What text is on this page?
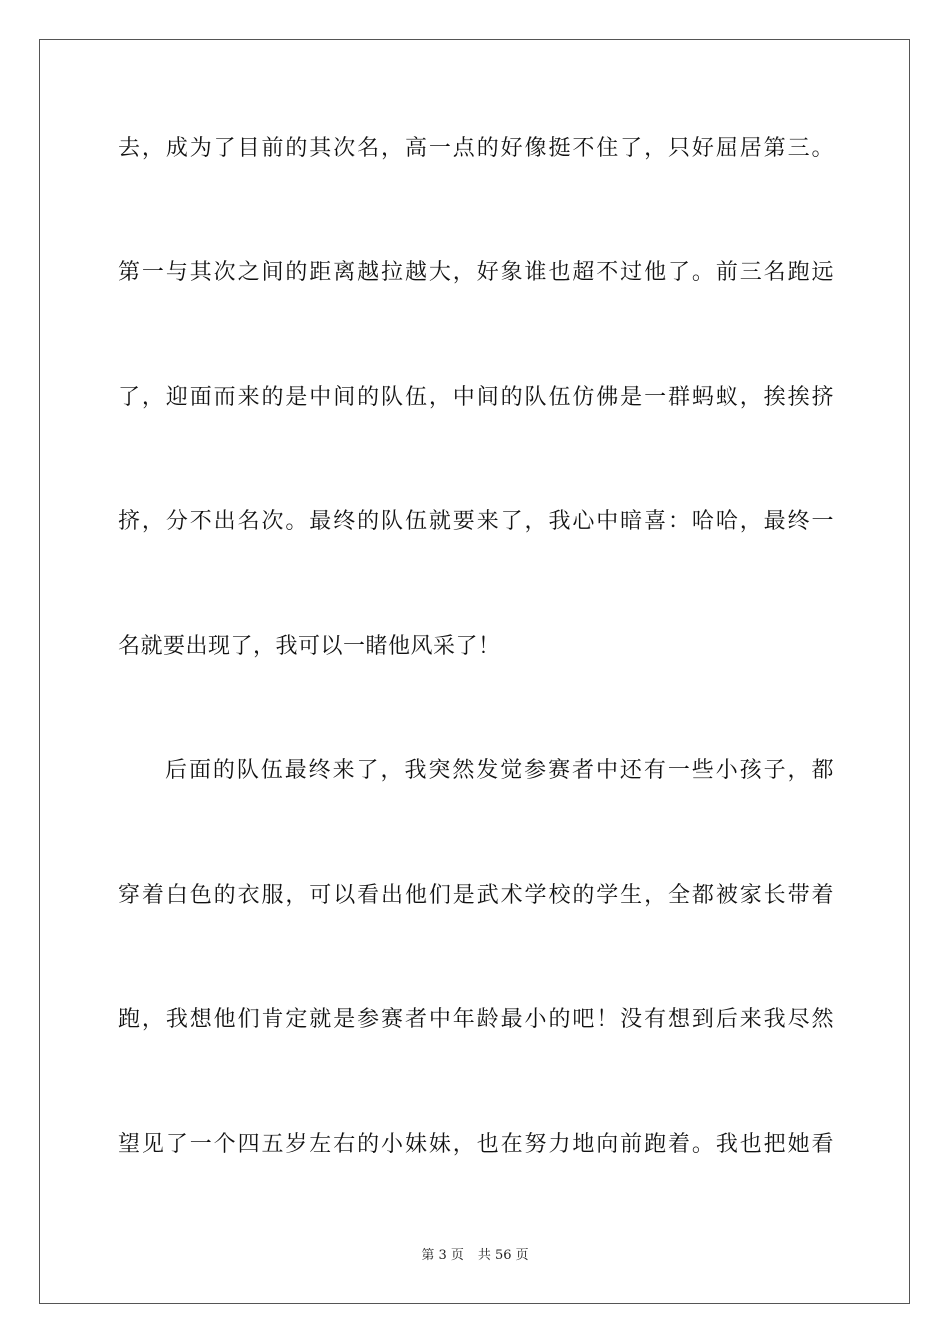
去，成为了目前的其次名，高一点的好像挺不住了，只好屈居第三。
第一与其次之间的距离越拉越大，好象谁也超不过他了。前三名跑远
了，迎面而来的是中间的队伍，中间的队伍仿佛是一群蚂蚁，挨挨挤
挤，分不出名次。最终的队伍就要来了，我心中暗喜：哈哈，最终一
名就要出现了，我可以一睹他风采了！
后面的队伍最终来了，我突然发觉参赛者中还有一些小孩子，都
穿着白色的衣服，可以看出他们是武术学校的学生，全都被家长带着
跑，我想他们肯定就是参赛者中年龄最小的吧！没有想到后来我尽然
望见了一个四五岁左右的小妹妹，也在努力地向前跑着。我也把她看
第 3 页 共 56 页
